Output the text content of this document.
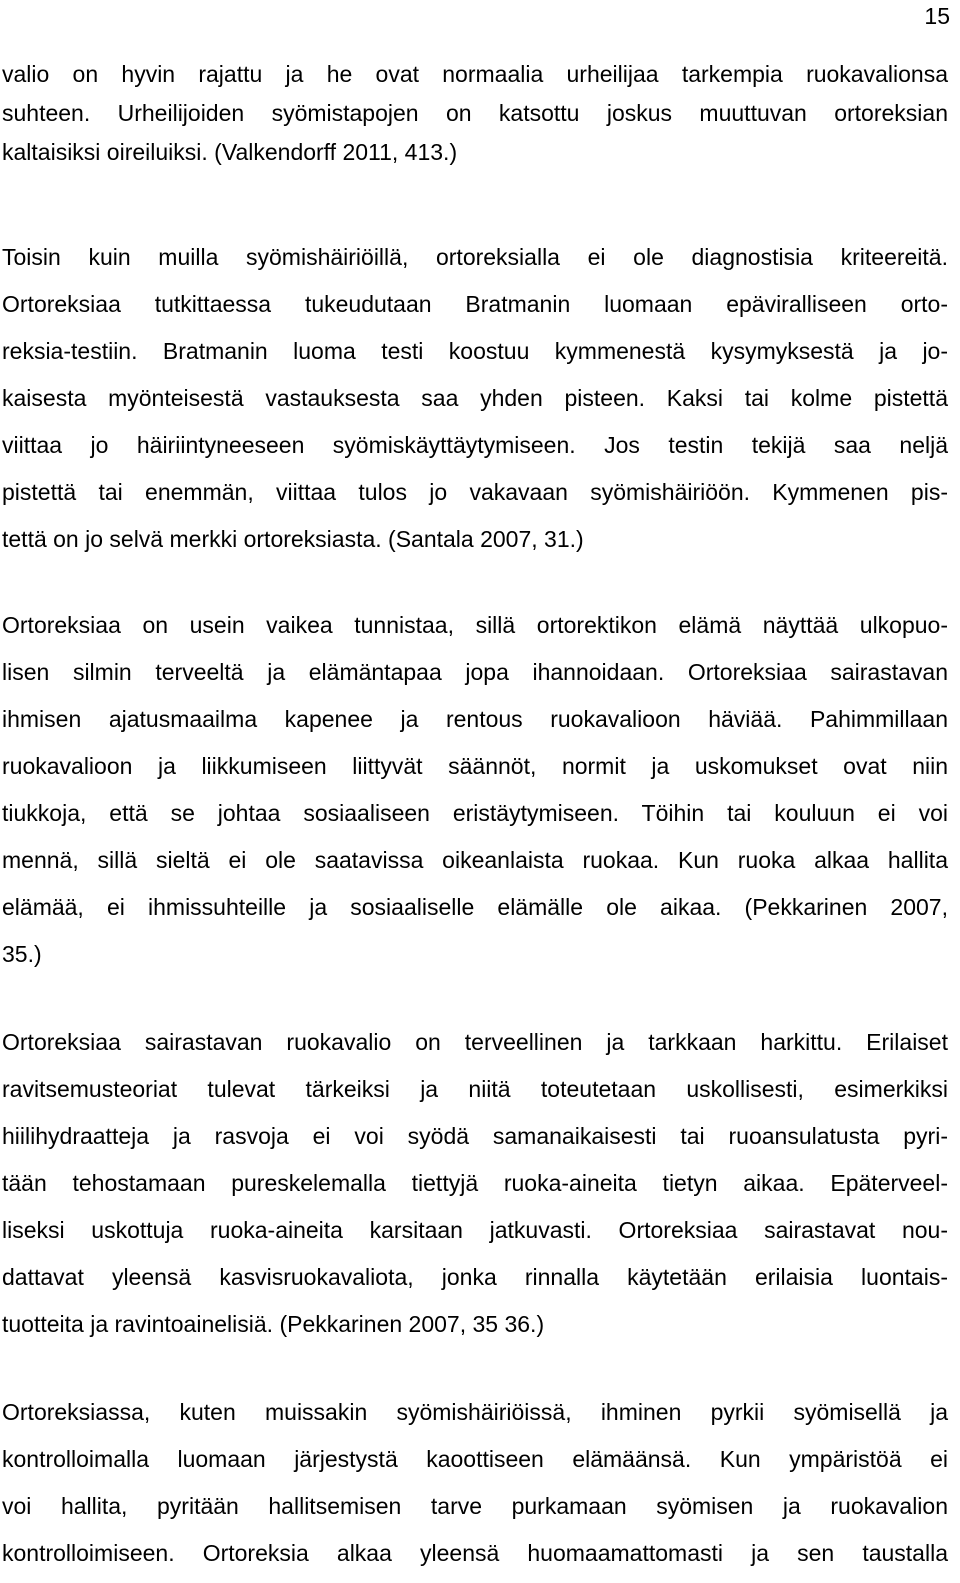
15
valio on hyvin rajattu ja he ovat normaalia urheilijaa tarkempia ruokavalionsa
suhteen. Urheilijoiden syömistapojen on katsottu joskus muuttuvan ortoreksian
kaltaisiksi oireiluiksi. (Valkendorff 2011, 413.)
Toisin kuin muilla syömishäiriöillä, ortoreksialla ei ole diagnostisia kriteereitä.
Ortoreksiaa tutkittaessa tukeudutaan Bratmanin luomaan epäviralliseen orto-
reksia-testiin. Bratmanin luoma testi koostuu kymmenestä kysymyksestä ja jo-
kaisesta myönteisestä vastauksesta saa yhden pisteen. Kaksi tai kolme pistettä
viittaa jo häiriintyneeseen syömiskäyttäytymiseen. Jos testin tekijä saa neljä
pistettä tai enemmän, viittaa tulos jo vakavaan syömishäiriöön. Kymmenen pis-
tettä on jo selvä merkki ortoreksiasta. (Santala 2007, 31.)
Ortoreksiaa on usein vaikea tunnistaa, sillä ortorektikon elämä näyttää ulkopuo-
lisen silmin terveeltä ja elämäntapaa jopa ihannoidaan. Ortoreksiaa sairastavan
ihmisen ajatusmaailma kapenee ja rentous ruokavalioon häviää. Pahimmillaan
ruokavalioon ja liikkumiseen liittyvät säännöt, normit ja uskomukset ovat niin
tiukkoja, että se johtaa sosiaaliseen eristäytymiseen. Töihin tai kouluun ei voi
mennä, sillä sieltä ei ole saatavissa oikeanlaista ruokaa. Kun ruoka alkaa hallita
elämää, ei ihmissuhteille ja sosiaaliselle elämälle ole aikaa. (Pekkarinen 2007,
35.)
Ortoreksiaa sairastavan ruokavalio on terveellinen ja tarkkaan harkittu. Erilaiset
ravitsemusteoriat tulevat tärkeiksi ja niitä toteutetaan uskollisesti, esimerkiksi
hiilihydraatteja ja rasvoja ei voi syödä samanaikaisesti tai ruoansulatusta pyri-
tään tehostamaan pureskelemalla tiettyjä ruoka-aineita tietyn aikaa. Epäterveel-
liseksi uskottuja ruoka-aineita karsitaan jatkuvasti. Ortoreksiaa sairastavat nou-
dattavat yleensä kasvisruokavaliota, jonka rinnalla käytetään erilaisia luontais-
tuotteita ja ravintoainelisiä. (Pekkarinen 2007, 35 36.)
Ortoreksiassa, kuten muissakin syömishäiriöissä, ihminen pyrkii syömisellä ja
kontrolloimalla luomaan järjestystä kaoottiseen elämäänsä. Kun ympäristöä ei
voi hallita, pyritään hallitsemisen tarve purkamaan syömisen ja ruokavalion
kontrolloimiseen. Ortoreksia alkaa yleensä huomaamattomasti ja sen taustalla
